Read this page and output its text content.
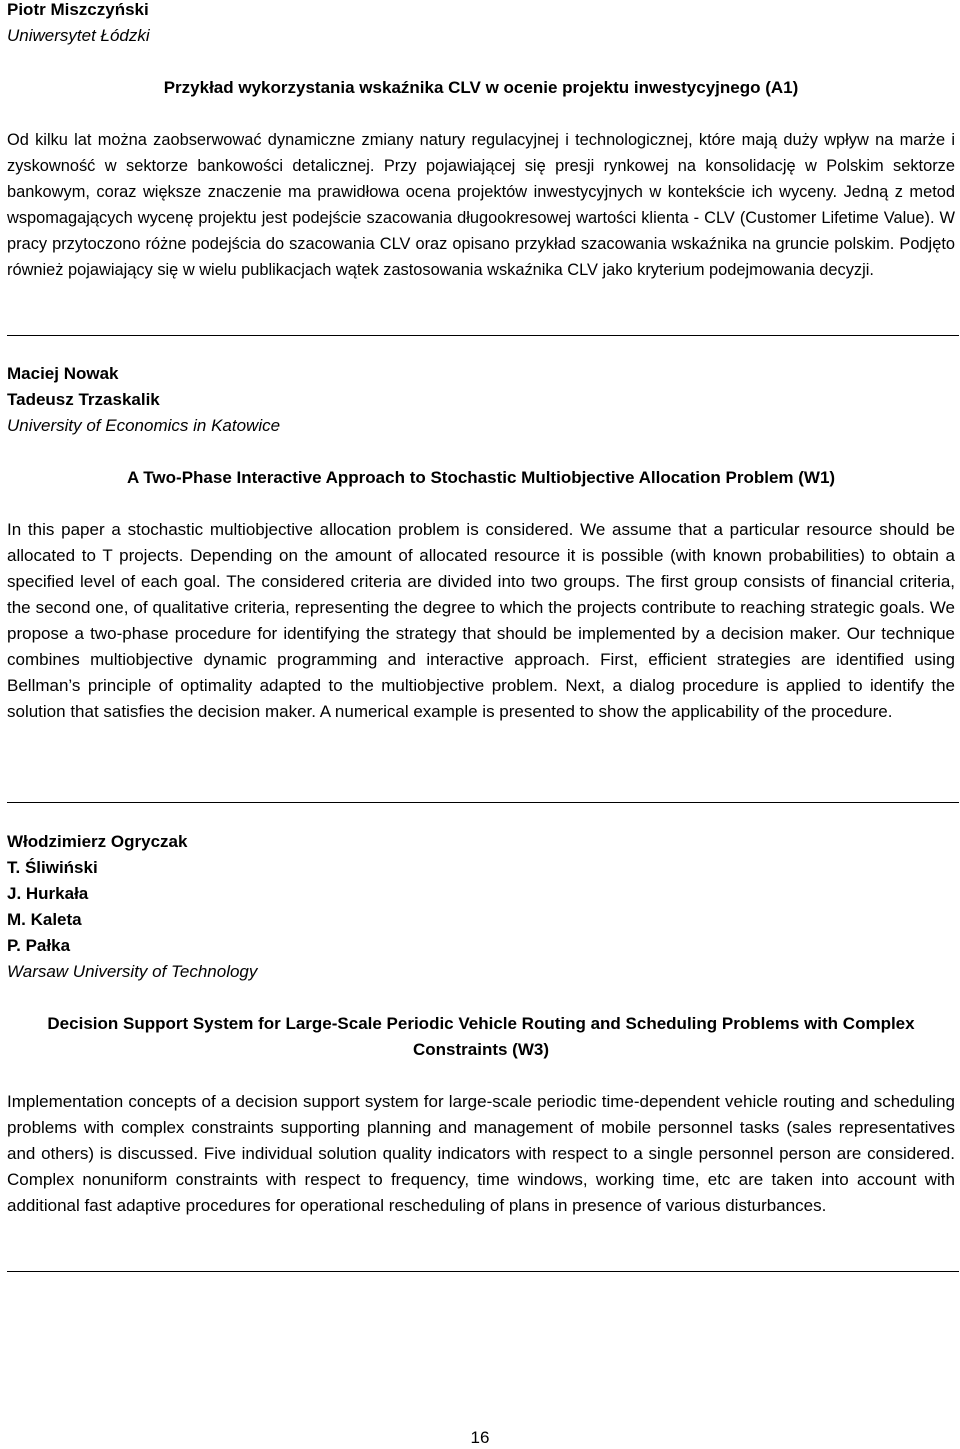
Piotr Miszczyński

Uniwersytet Łódzki

Przykład wykorzystania wskaźnika CLV w ocenie projektu inwestycyjnego (A1)

Od kilku lat można zaobserwować dynamiczne zmiany natury regulacyjnej i technologicznej, które mają duży wpływ na marże i zyskowność w sektorze bankowości detalicznej. Przy pojawiającej się presji rynkowej na konsolidację w Polskim sektorze bankowym, coraz większe znaczenie ma prawidłowa ocena projektów inwestycyjnych w kontekście ich wyceny. Jedną z metod wspomagających wycenę projektu jest podejście szacowania długookresowej wartości klienta - CLV (Customer Lifetime Value). W pracy przytoczono różne podejścia do szacowania CLV oraz opisano przykład szacowania wskaźnika na gruncie polskim. Podjęto również pojawiający się w wielu publikacjach wątek zastosowania wskaźnika CLV jako kryterium podejmowania decyzji.

Maciej Nowak

Tadeusz Trzaskalik

University of Economics in Katowice

A Two-Phase Interactive Approach to Stochastic Multiobjective Allocation Problem (W1)

In this paper a stochastic multiobjective allocation problem is considered. We assume that a particular resource should be allocated to T projects. Depending on the amount of allocated resource it is possible (with known probabilities) to obtain a specified level of each goal. The considered criteria are divided into two groups. The first group consists of financial criteria, the second one, of qualitative criteria, representing the degree to which the projects contribute to reaching strategic goals. We propose a two-phase procedure for identifying the strategy that should be implemented by a decision maker. Our technique combines multiobjective dynamic programming and interactive approach. First, efficient strategies are identified using Bellman’s principle of optimality adapted to the multiobjective problem. Next, a dialog procedure is applied to identify the solution that satisfies the decision maker. A numerical example is presented to show the applicability of the procedure.

Włodzimierz Ogryczak

T. Śliwiński

J. Hurkała

M. Kaleta

P. Pałka

Warsaw University of Technology

Decision Support System for Large-Scale Periodic Vehicle Routing and Scheduling Problems with Complex Constraints (W3)

Implementation concepts of a decision support system for large-scale periodic time-dependent vehicle routing and scheduling problems with complex constraints supporting planning and management of mobile personnel tasks (sales representatives and others) is discussed. Five individual solution quality indicators with respect to a single personnel person are considered. Complex nonuniform constraints with respect to frequency, time windows, working time, etc are taken into account with additional fast adaptive procedures for operational rescheduling of plans in presence of various disturbances.

16
